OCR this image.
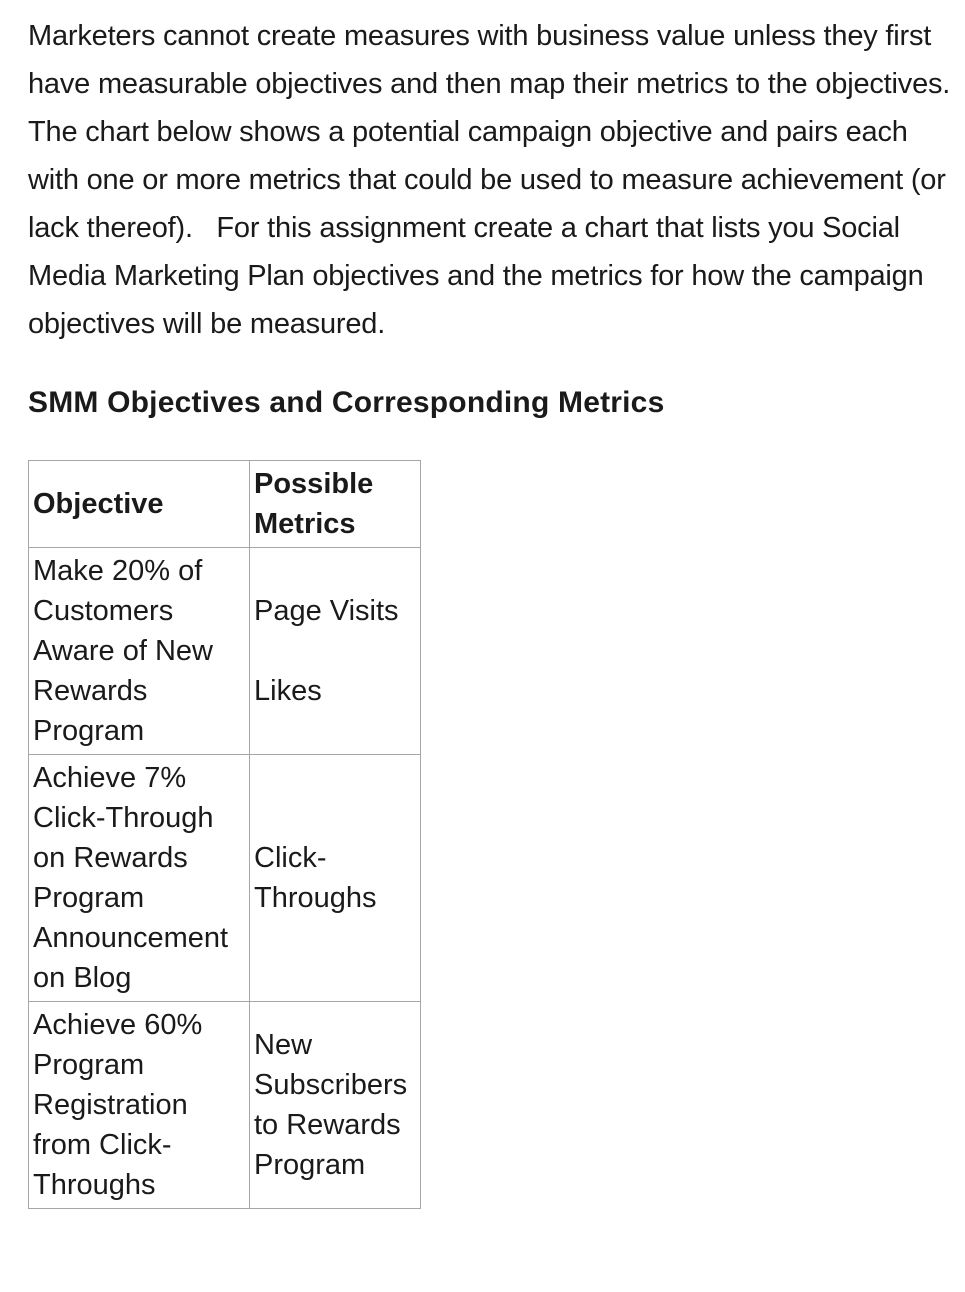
Marketers cannot create measures with business value unless they first have measurable objectives and then map their metrics to the objectives.  The chart below shows a potential campaign objective and pairs each with one or more metrics that could be used to measure achievement (or lack thereof).   For this assignment create a chart that lists you Social Media Marketing Plan objectives and the metrics for how the campaign objectives will be measured.

SMM Objectives and Corresponding Metrics
Objective	Possible Metrics
Make 20% of Customers Aware of New Rewards Program	Page Visits
Likes

Achieve 7% Click-Through on Rewards Program Announcement on Blog	Click-Throughs

Achieve 60% Program Registration from Click-Throughs	New Subscribers to Rewards Program
